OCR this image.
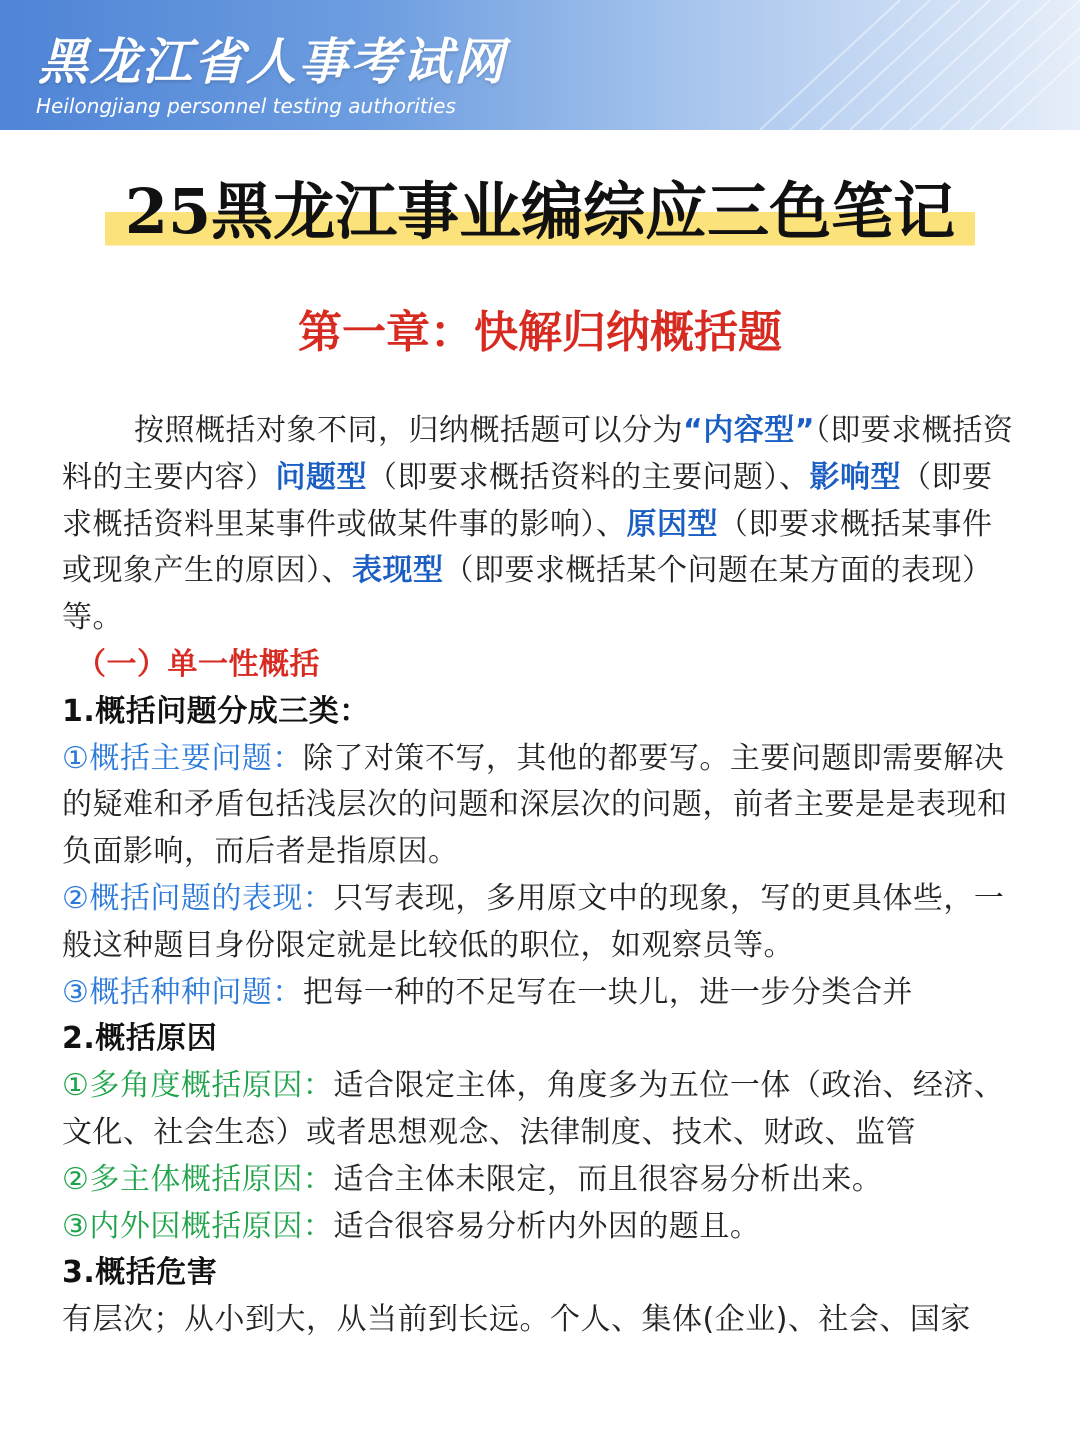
黑龙江省人事考试网
Heilongjiang personnel testing authorities
25黑龙江事业编综应三色笔记
第一章：快解归纳概括题

按照概括对象不同，归纳概括题可以分为“内容型”（即要求概括资料的主要内容）问题型（即要求概括资料的主要问题）、影响型（即要求概括资料里某事件或做某件事的影响）、原因型（即要求概括某事件或现象产生的原因）、表现型（即要求概括某个问题在某方面的表现）等。

（一）单一性概括

1.概括问题分成三类：

①概括主要问题：除了对策不写，其他的都要写。主要问题即需要解决的疑难和矛盾包括浅层次的问题和深层次的问题，前者主要是是表现和负面影响，而后者是指原因。

②概括问题的表现：只写表现，多用原文中的现象，写的更具体些，一般这种题目身份限定就是比较低的职位，如观察员等。

③概括种种问题：把每一种的不足写在一块儿，进一步分类合并

2.概括原因

①多角度概括原因：适合限定主体，角度多为五位一体（政治、经济、文化、社会生态）或者思想观念、法律制度、技术、财政、监管

②多主体概括原因：适合主体未限定，而且很容易分析出来。

③内外因概括原因：适合很容易分析内外因的题且。

3.概括危害

有层次；从小到大，从当前到长远。个人、集体(企业)、社会、国家
